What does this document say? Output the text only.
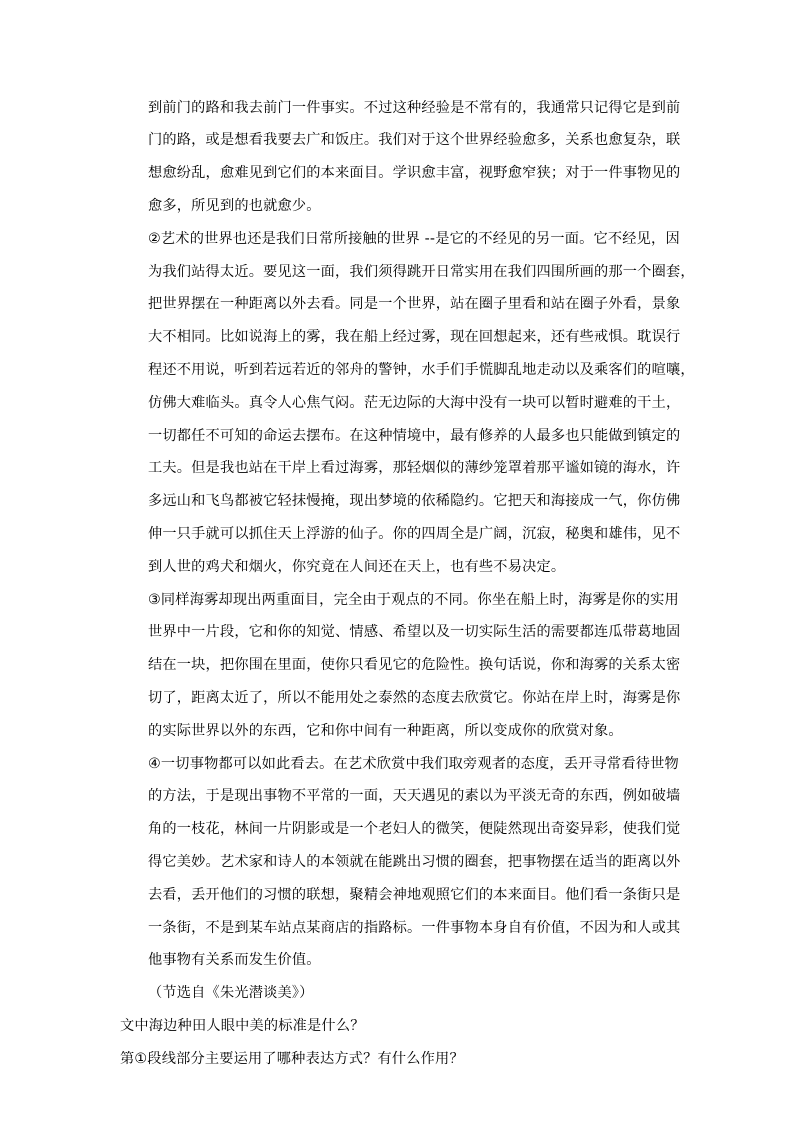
到前门的路和我去前门一件事实。不过这种经验是不常有的，我通常只记得它是到前
门的路，或是想看我要去广和饭庄。我们对于这个世界经验愈多，关系也愈复杂，联
想愈纷乱，愈难见到它们的本来面目。学识愈丰富，视野愈窄狭；对于一件事物见的
愈多，所见到的也就愈少。
②艺术的世界也还是我们日常所接触的世界 --是它的不经见的另一面。它不经见，因
为我们站得太近。要见这一面，我们须得跳开日常实用在我们四围所画的那一个圈套，
把世界摆在一种距离以外去看。同是一个世界，站在圈子里看和站在圈子外看，景象
大不相同。比如说海上的雾，我在船上经过雾，现在回想起来，还有些戒惧。耽误行
程还不用说，听到若远若近的邻舟的警钟，水手们手慌脚乱地走动以及乘客们的喧嚷，
仿佛大难临头。真令人心焦气闷。茫无边际的大海中没有一块可以暂时避难的干土，
一切都任不可知的命运去摆布。在这种情境中，最有修养的人最多也只能做到镇定的
工夫。但是我也站在干岸上看过海雾，那轻烟似的薄纱笼罩着那平谧如镜的海水，许
多远山和飞鸟都被它轻抹慢掩，现出梦境的依稀隐约。它把天和海接成一气，你仿佛
伸一只手就可以抓住天上浮游的仙子。你的四周全是广阔，沉寂，秘奥和雄伟，见不
到人世的鸡犬和烟火，你究竟在人间还在天上，也有些不易决定。
③同样海雾却现出两重面目，完全由于观点的不同。你坐在船上时，海雾是你的实用
世界中一片段，它和你的知觉、情感、希望以及一切实际生活的需要都连瓜带葛地固
结在一块，把你围在里面，使你只看见它的危险性。换句话说，你和海雾的关系太密
切了，距离太近了，所以不能用处之泰然的态度去欣赏它。你站在岸上时，海雾是你
的实际世界以外的东西，它和你中间有一种距离，所以变成你的欣赏对象。
④一切事物都可以如此看去。在艺术欣赏中我们取旁观者的态度，丢开寻常看待世物
的方法，于是现出事物不平常的一面，天天遇见的素以为平淡无奇的东西，例如破墙
角的一枝花，林间一片阴影或是一个老妇人的微笑，便陡然现出奇姿异彩，使我们觉
得它美妙。艺术家和诗人的本领就在能跳出习惯的圈套，把事物摆在适当的距离以外
去看，丢开他们的习惯的联想，聚精会神地观照它们的本来面目。他们看一条街只是
一条街，不是到某车站点某商店的指路标。一件事物本身自有价值，不因为和人或其
他事物有关系而发生价值。
（节选自《朱光潜谈美》）
文中海边种田人眼中美的标准是什么？
第①段线部分主要运用了哪种表达方式？有什么作用？
